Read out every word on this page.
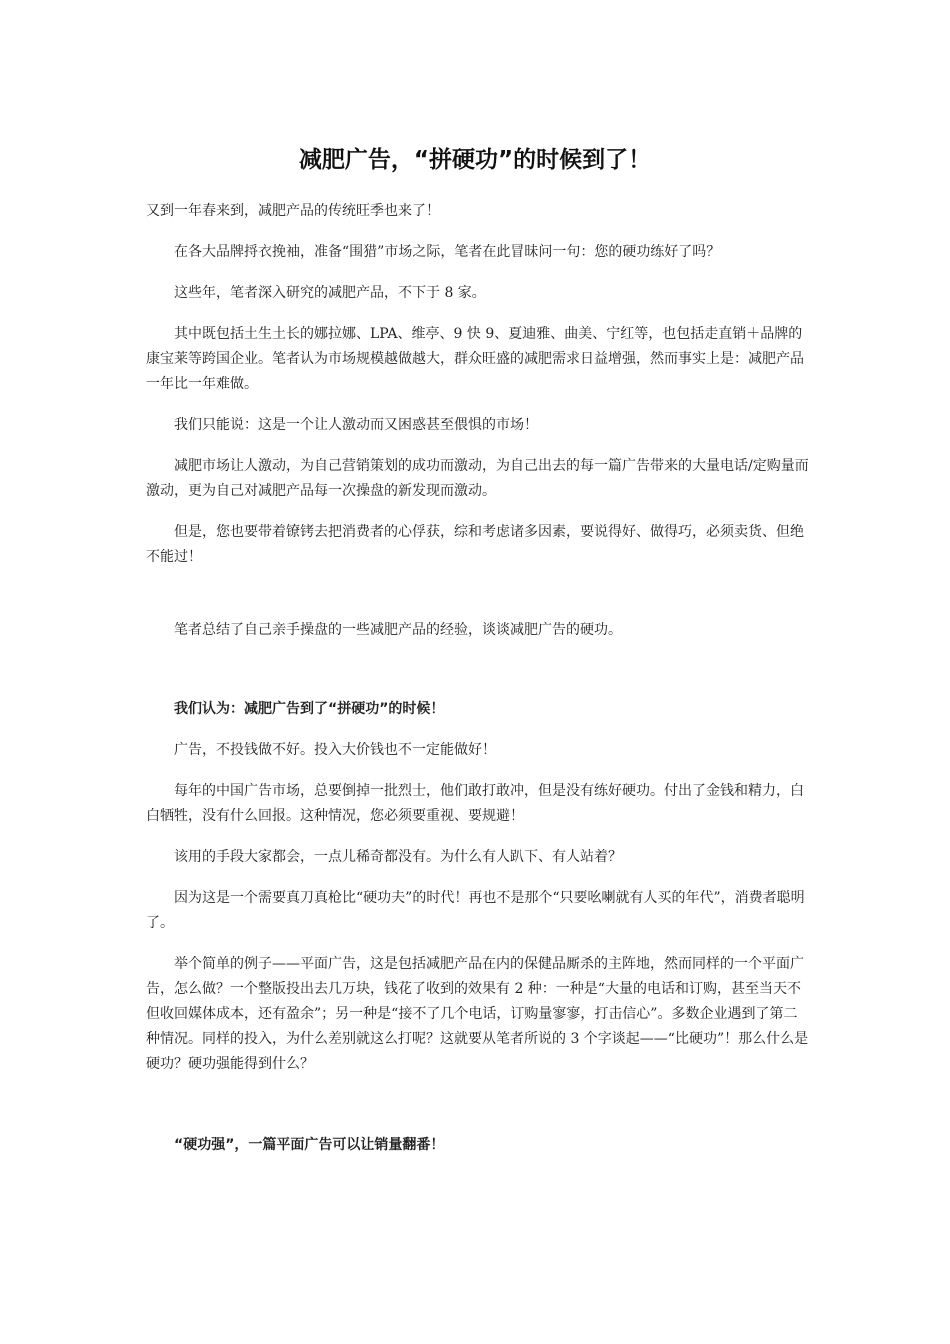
减肥广告，“拼硬功”的时候到了！

又到一年春来到，减肥产品的传统旺季也来了！

在各大品牌捋衣挽袖，准备“围猎”市场之际，笔者在此冒昧问一句：您的硬功练好了吗？

这些年，笔者深入研究的减肥产品，不下于 8 家。

其中既包括土生土长的娜拉娜、LPA、维亭、9 快 9、夏迪雅、曲美、宁红等，也包括走直销＋品牌的康宝莱等跨国企业。笔者认为市场规模越做越大，群众旺盛的减肥需求日益增强，然而事实上是：减肥产品一年比一年难做。

我们只能说：这是一个让人激动而又困惑甚至偎惧的市场！

减肥市场让人激动，为自己营销策划的成功而激动，为自己出去的每一篇广告带来的大量电话/定购量而激动，更为自己对减肥产品每一次操盘的新发现而激动。

但是，您也要带着镣铐去把消费者的心俘获，综和考虑诸多因素，要说得好、做得巧，必须卖货、但绝不能过！

笔者总结了自己亲手操盘的一些减肥产品的经验，谈谈减肥广告的硬功。

我们认为：减肥广告到了“拼硬功”的时候！

广告，不投钱做不好。投入大价钱也不一定能做好！

每年的中国广告市场，总要倒掉一批烈士，他们敢打敢冲，但是没有练好硬功。付出了金钱和精力，白白牺牲，没有什么回报。这种情况，您必须要重视、要规避！

该用的手段大家都会，一点儿稀奇都没有。为什么有人趴下、有人站着？

因为这是一个需要真刀真枪比“硬功夫”的时代！再也不是那个“只要吆喇就有人买的年代”，消费者聪明了。

举个简单的例子——平面广告，这是包括减肥产品在内的保健品厮杀的主阵地，然而同样的一个平面广告，怎么做？一个整版投出去几万块，钱花了收到的效果有 2 种：一种是“大量的电话和订购，甚至当天不但收回媒体成本，还有盈余”；另一种是“接不了几个电话，订购量寥寥，打击信心”。多数企业遇到了第二种情况。同样的投入，为什么差别就这么打呢？这就要从笔者所说的 3 个字谈起——“比硬功”！那么什么是硬功？硬功强能得到什么？

“硬功强”，一篇平面广告可以让销量翻番！
